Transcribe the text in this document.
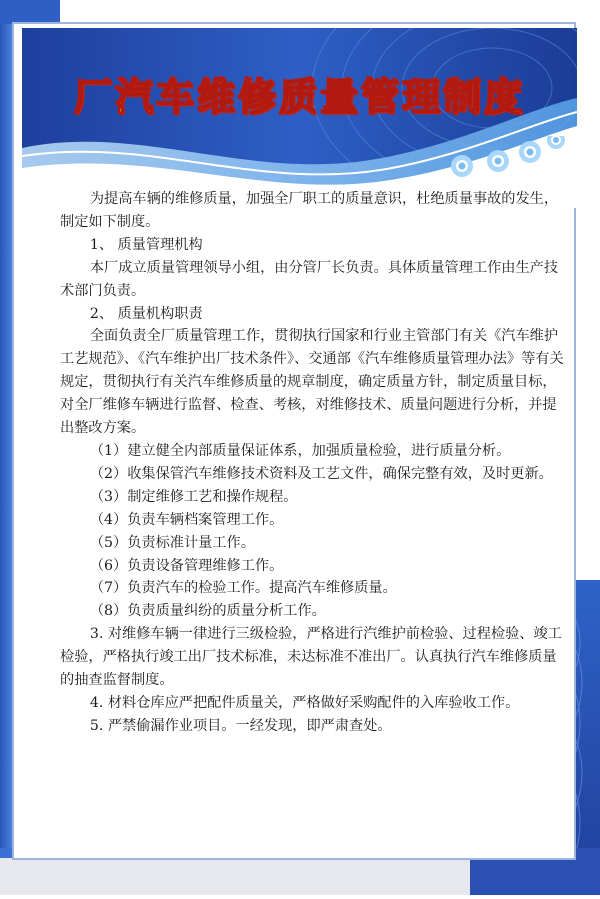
厂汽车维修质量管理制度

为提高车辆的维修质量，加强全厂职工的质量意识，杜绝质量事故的发生，制定如下制度。

1、 质量管理机构

本厂成立质量管理领导小组，由分管厂长负责。具体质量管理工作由生产技术部门负责。

2、 质量机构职责

全面负责全厂质量管理工作，贯彻执行国家和行业主管部门有关《汽车维护工艺规范》、《汽车维护出厂技术条件》、交通部《汽车维修质量管理办法》等有关规定，贯彻执行有关汽车维修质量的规章制度，确定质量方针，制定质量目标，对全厂维修车辆进行监督、检查、考核，对维修技术、质量问题进行分析，并提出整改方案。

（1）建立健全内部质量保证体系，加强质量检验，进行质量分析。

（2）收集保管汽车维修技术资料及工艺文件，确保完整有效，及时更新。

（3）制定维修工艺和操作规程。

（4）负责车辆档案管理工作。

（5）负责标准计量工作。

（6）负责设备管理维修工作。

（7）负责汽车的检验工作。提高汽车维修质量。

（8）负责质量纠纷的质量分析工作。

3. 对维修车辆一律进行三级检验，严格进行汽维护前检验、过程检验、竣工检验，严格执行竣工出厂技术标准，未达标准不准出厂。认真执行汽车维修质量的抽查监督制度。

4. 材料仓库应严把配件质量关，严格做好采购配件的入库验收工作。

5. 严禁偷漏作业项目。一经发现，即严肃查处。
